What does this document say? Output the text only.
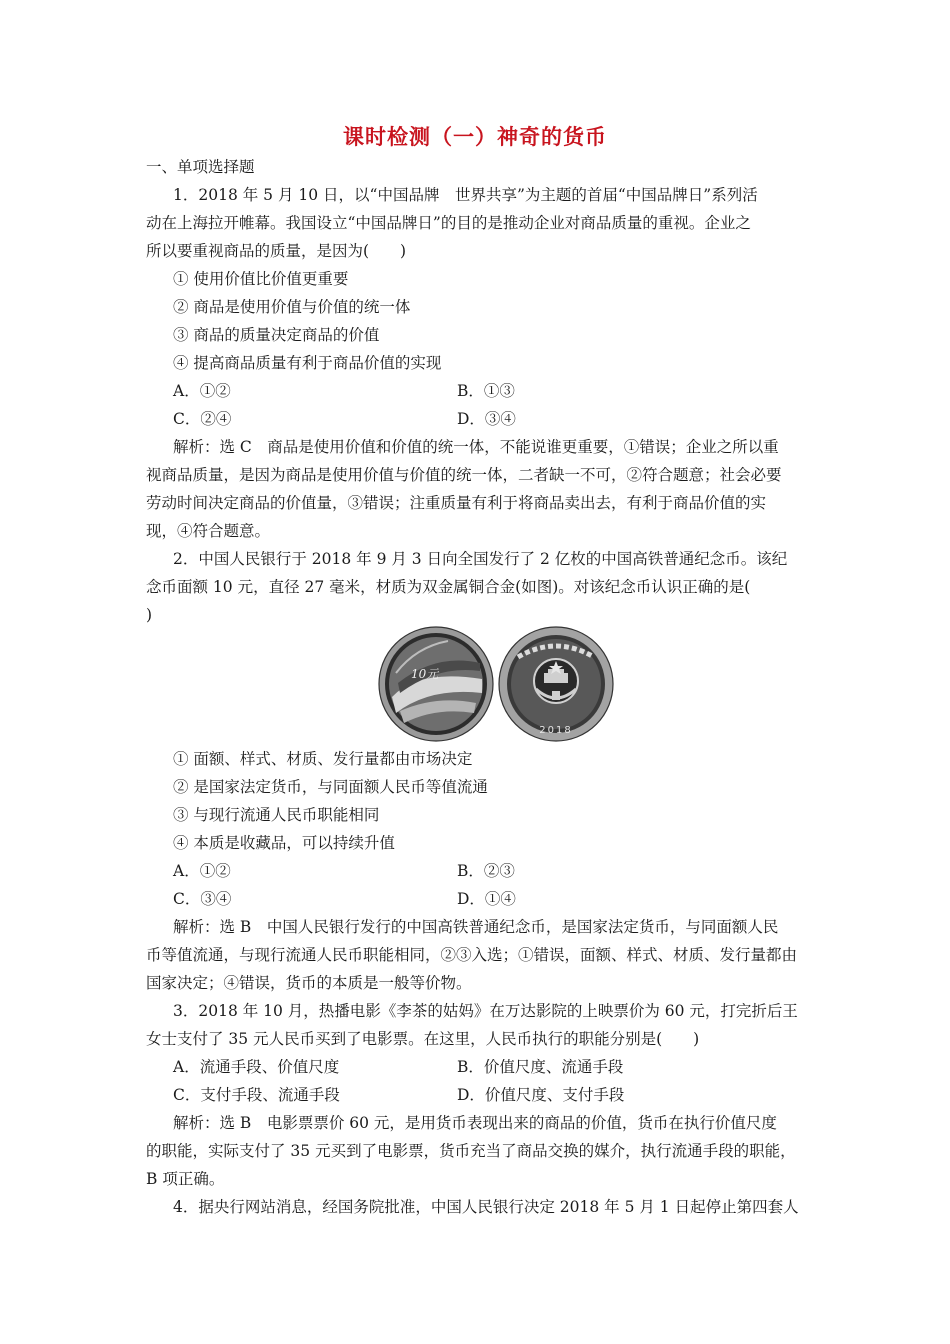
课时检测（一）神奇的货币
一、单项选择题
1．2018 年 5 月 10 日，以“中国品牌　世界共享”为主题的首届“中国品牌日”系列活
动在上海拉开帷幕。我国设立“中国品牌日”的目的是推动企业对商品质量的重视。企业之
所以要重视商品的质量，是因为(　　)
① 使用价值比价值更重要
② 商品是使用价值与价值的统一体
③ 商品的质量决定商品的价值
④ 提高商品质量有利于商品价值的实现
A．①②	B．①③
C．②④	D．③④
解析：选 C　商品是使用价值和价值的统一体，不能说谁更重要，①错误；企业之所以重
视商品质量，是因为商品是使用价值与价值的统一体，二者缺一不可，②符合题意；社会必要
劳动时间决定商品的价值量，③错误；注重质量有利于将商品卖出去，有利于商品价值的实
现，④符合题意。
2．中国人民银行于 2018 年 9 月 3 日向全国发行了 2 亿枚的中国高铁普通纪念币。该纪
念币面额 10 元，直径 27 毫米，材质为双金属铜合金(如图)。对该纪念币认识正确的是(
)
10元
2018
① 面额、样式、材质、发行量都由市场决定
② 是国家法定货币，与同面额人民币等值流通
③ 与现行流通人民币职能相同
④ 本质是收藏品，可以持续升值
A．①②	B．②③
C．③④	D．①④
解析：选 B　中国人民银行发行的中国高铁普通纪念币，是国家法定货币，与同面额人民
币等值流通，与现行流通人民币职能相同，②③入选；①错误，面额、样式、材质、发行量都由
国家决定；④错误，货币的本质是一般等价物。
3．2018 年 10 月，热播电影《李茶的姑妈》在万达影院的上映票价为 60 元，打完折后王
女士支付了 35 元人民币买到了电影票。在这里，人民币执行的职能分别是(　　)
A．流通手段、价值尺度	B．价值尺度、流通手段
C．支付手段、流通手段	D．价值尺度、支付手段
解析：选 B　电影票票价 60 元，是用货币表现出来的商品的价值，货币在执行价值尺度
的职能，实际支付了 35 元买到了电影票，货币充当了商品交换的媒介，执行流通手段的职能，
B 项正确。
4．据央行网站消息，经国务院批准，中国人民银行决定 2018 年 5 月 1 日起停止第四套人
